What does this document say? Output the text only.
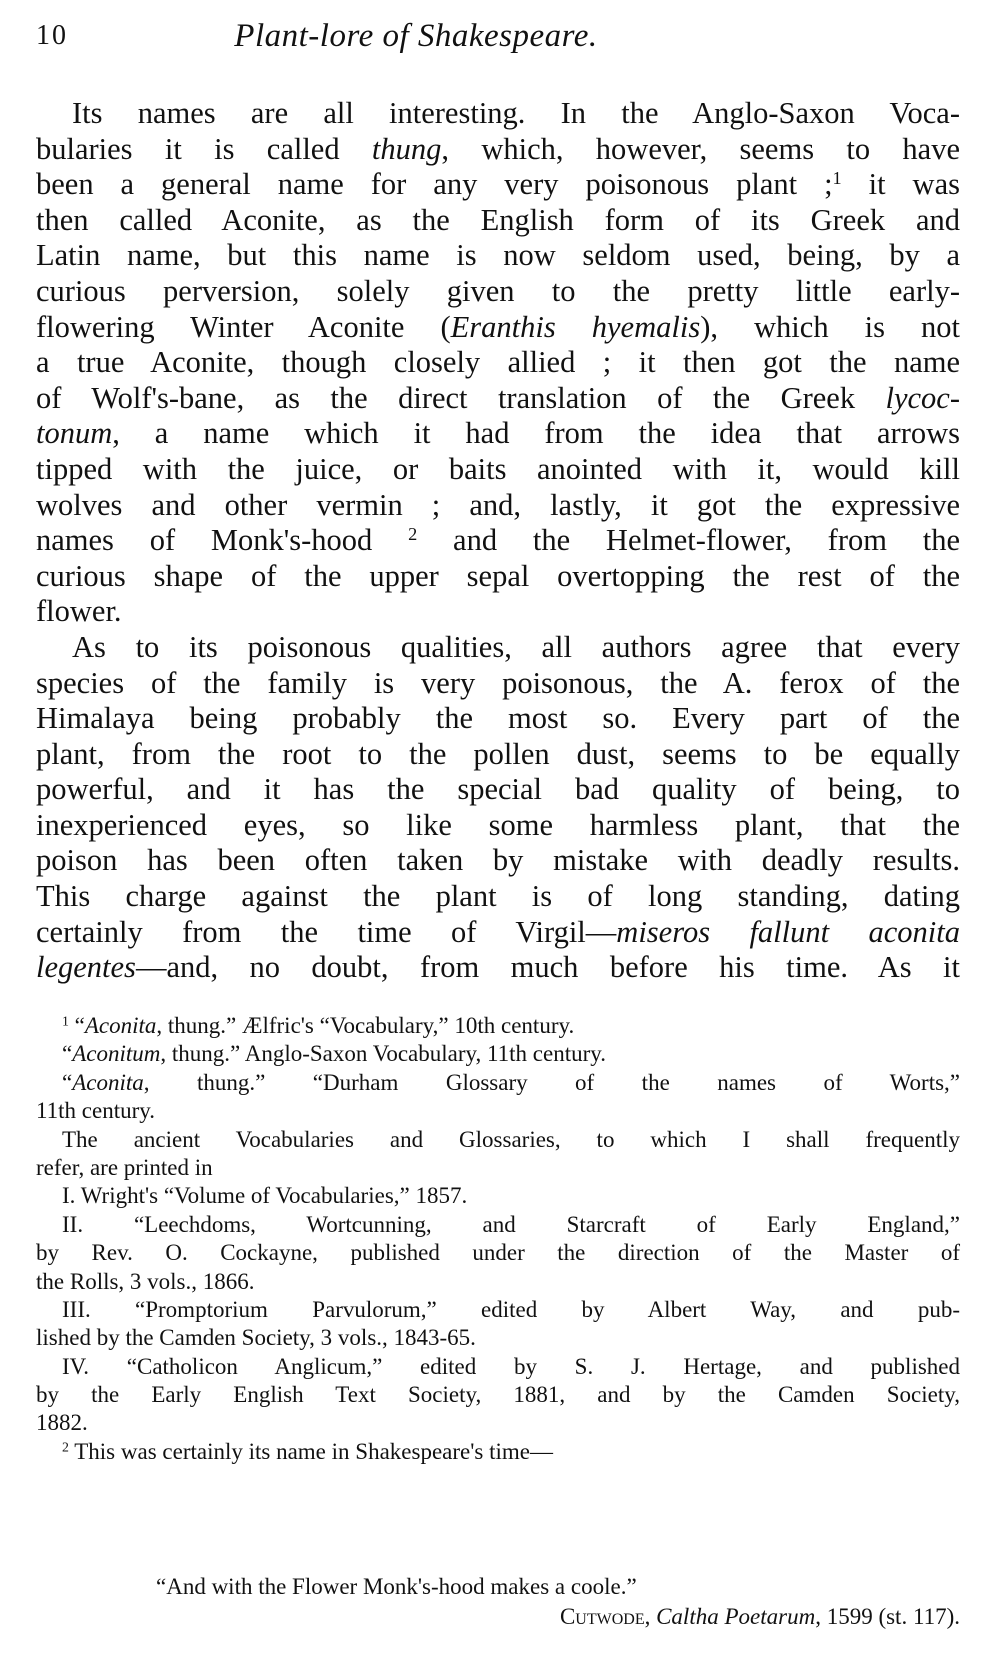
10	Plant-lore of Shakespeare.
Its names are all interesting. In the Anglo-Saxon Voca-
bularies it is called thung, which, however, seems to have
been a general name for any very poisonous plant ;$^1$ it was
then called Aconite, as the English form of its Greek and
Latin name, but this name is now seldom used, being, by a
curious perversion, solely given to the pretty little early-
flowering Winter Aconite (Eranthis hyemalis), which is not
a true Aconite, though closely allied ; it then got the name
of Wolf's-bane, as the direct translation of the Greek lycoc-
tonum, a name which it had from the idea that arrows
tipped with the juice, or baits anointed with it, would kill
wolves and other vermin ; and, lastly, it got the expressive
names of Monk's-hood $^2$ and the Helmet-flower, from the
curious shape of the upper sepal overtopping the rest of the
flower.
As to its poisonous qualities, all authors agree that every
species of the family is very poisonous, the A. ferox of the
Himalaya being probably the most so. Every part of the
plant, from the root to the pollen dust, seems to be equally
powerful, and it has the special bad quality of being, to
inexperienced eyes, so like some harmless plant, that the
poison has been often taken by mistake with deadly results.
This charge against the plant is of long standing, dating
certainly from the time of Virgil—miseros fallunt aconita
legentes—and, no doubt, from much before his time. As it
$^1$ “Aconita, thung.” Ælfric's “Vocabulary,” 10th century.
“Aconitum, thung.” Anglo-Saxon Vocabulary, 11th century.
“Aconita, thung.” “Durham Glossary of the names of Worts,”
11th century.
The ancient Vocabularies and Glossaries, to which I shall frequently
refer, are printed in
I. Wright's “Volume of Vocabularies,” 1857.
II. “Leechdoms, Wortcunning, and Starcraft of Early England,”
by Rev. O. Cockayne, published under the direction of the Master of
the Rolls, 3 vols., 1866.
III. “Promptorium Parvulorum,” edited by Albert Way, and pub-
lished by the Camden Society, 3 vols., 1843-65.
IV. “Catholicon Anglicum,” edited by S. J. Hertage, and published
by the Early English Text Society, 1881, and by the Camden Society,
1882.
$^2$ This was certainly its name in Shakespeare's time—
“And with the Flower Monk's-hood makes a coole.”
Cutwode, Caltha Poetarum, 1599 (st. 117).
